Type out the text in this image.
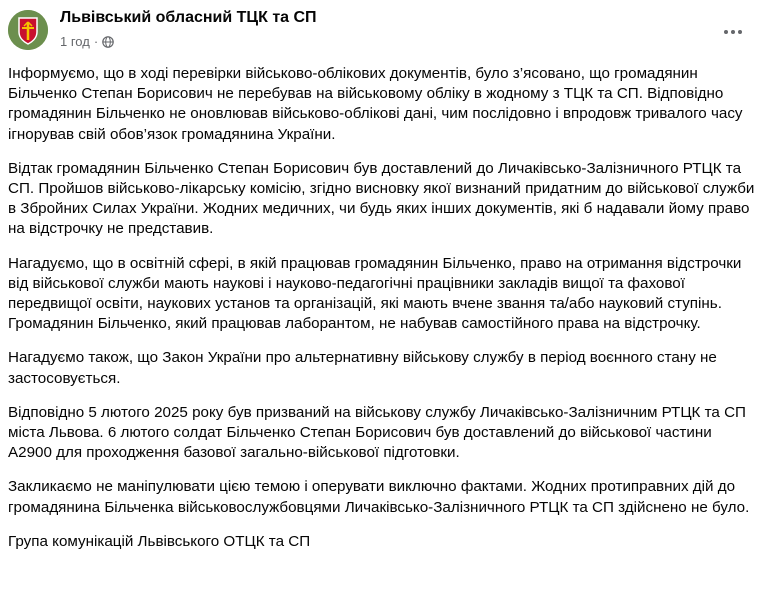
Львівський обласний ТЦК та СП
1 год ·

Інформуємо, що в ході перевірки військово-облікових документів, було з’ясовано, що громадянин Більченко Степан Борисович не перебував на військовому обліку в жодному з ТЦК та СП. Відповідно громадянин Більченко не оновлював військово-облікові дані, чим послідовно і впродовж тривалого часу ігнорував свій обов’язок громадянина України.

Відтак громадянин Більченко Степан Борисович був доставлений до Личаківсько-Залізничного РТЦК та СП. Пройшов військово-лікарську комісію, згідно висновку якої визнаний придатним до військової служби в Збройних Силах України. Жодних медичних, чи будь яких інших документів, які б надавали йому право на відстрочку не представив.

Нагадуємо, що в освітній сфері, в якій працював громадянин Більченко, право на отримання відстрочки від військової служби мають наукові і науково-педагогічні працівники закладів вищої та фахової передвищої освіти, наукових установ та організацій, які мають вчене звання та/або науковий ступінь. Громадянин Більченко, який працював лаборантом, не набував самостійного права на відстрочку.

Нагадуємо також, що Закон України про альтернативну військову службу в період воєнного стану не застосовується.

Відповідно 5 лютого 2025 року був призваний на військову службу Личаківсько-Залізничним РТЦК та СП міста Львова. 6 лютого солдат Більченко Степан Борисович був доставлений до військової частини А2900 для проходження базової загально-військової підготовки.

Закликаємо не маніпулювати цією темою і оперувати виключно фактами. Жодних протиправних дій до громадянина Більченка військовослужбовцями Личаківсько-Залізничного РТЦК та СП здійснено не було.

Група комунікацій Львівського ОТЦК та СП
